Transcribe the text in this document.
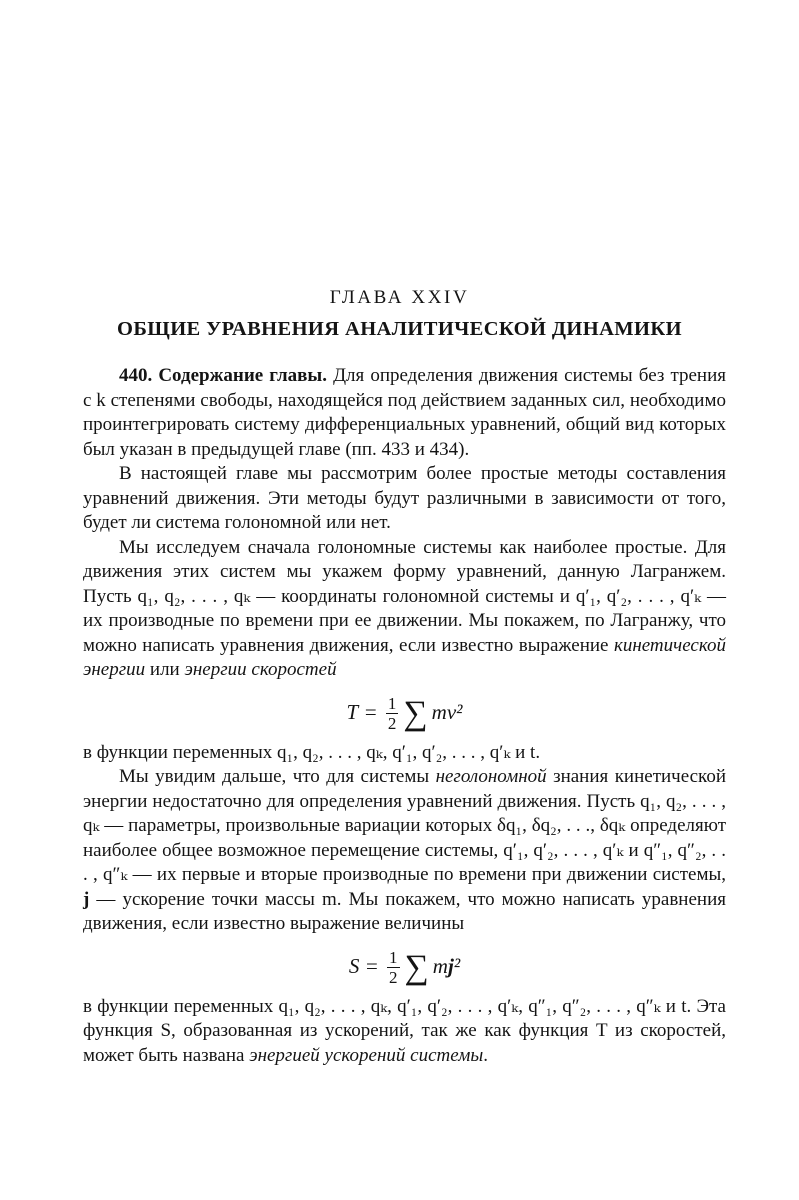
ГЛАВА XXIV
ОБЩИЕ УРАВНЕНИЯ АНАЛИТИЧЕСКОЙ ДИНАМИКИ

440. Содержание главы. Для определения движения системы без трения с k степенями свободы, находящейся под действием заданных сил, необходимо проинтегрировать систему дифференциальных уравнений, общий вид которых был указан в предыдущей главе (пп. 433 и 434).

В настоящей главе мы рассмотрим более простые методы составления уравнений движения. Эти методы будут различными в зависимости от того, будет ли система голономной или нет.

Мы исследуем сначала голономные системы как наиболее простые. Для движения этих систем мы укажем форму уравнений, данную Лагранжем. Пусть q₁, q₂, . . . , qₖ — координаты голономной системы и q′₁, q′₂, . . . , q′ₖ — их производные по времени при ее движении. Мы покажем, по Лагранжу, что можно написать уравнения движения, если известно выражение кинетической энергии или энергии скоростей

$T = \frac{1}{2}$ ∑ mv²

в функции переменных q₁, q₂, . . . , qₖ, q′₁, q′₂, . . . , q′ₖ и t.

Мы увидим дальше, что для системы неголономной знания кинетической энергии недостаточно для определения уравнений движения. Пусть q₁, q₂, . . . , qₖ — параметры, произвольные вариации которых δq₁, δq₂, . . ., δqₖ определяют наиболее общее возможное перемещение системы, q′₁, q′₂, . . . , q′ₖ и q″₁, q″₂, . . . , q″ₖ — их первые и вторые производные по времени при движении системы, j — ускорение точки массы m. Мы покажем, что можно написать уравнения движения, если известно выражение величины

$S = \frac{1}{2}$ ∑ mj²

в функции переменных q₁, q₂, . . . , qₖ, q′₁, q′₂, . . . , q′ₖ, q″₁, q″₂, . . . , q″ₖ и t. Эта функция S, образованная из ускорений, так же как функция T из скоростей, может быть названа энергией ускорений системы.
